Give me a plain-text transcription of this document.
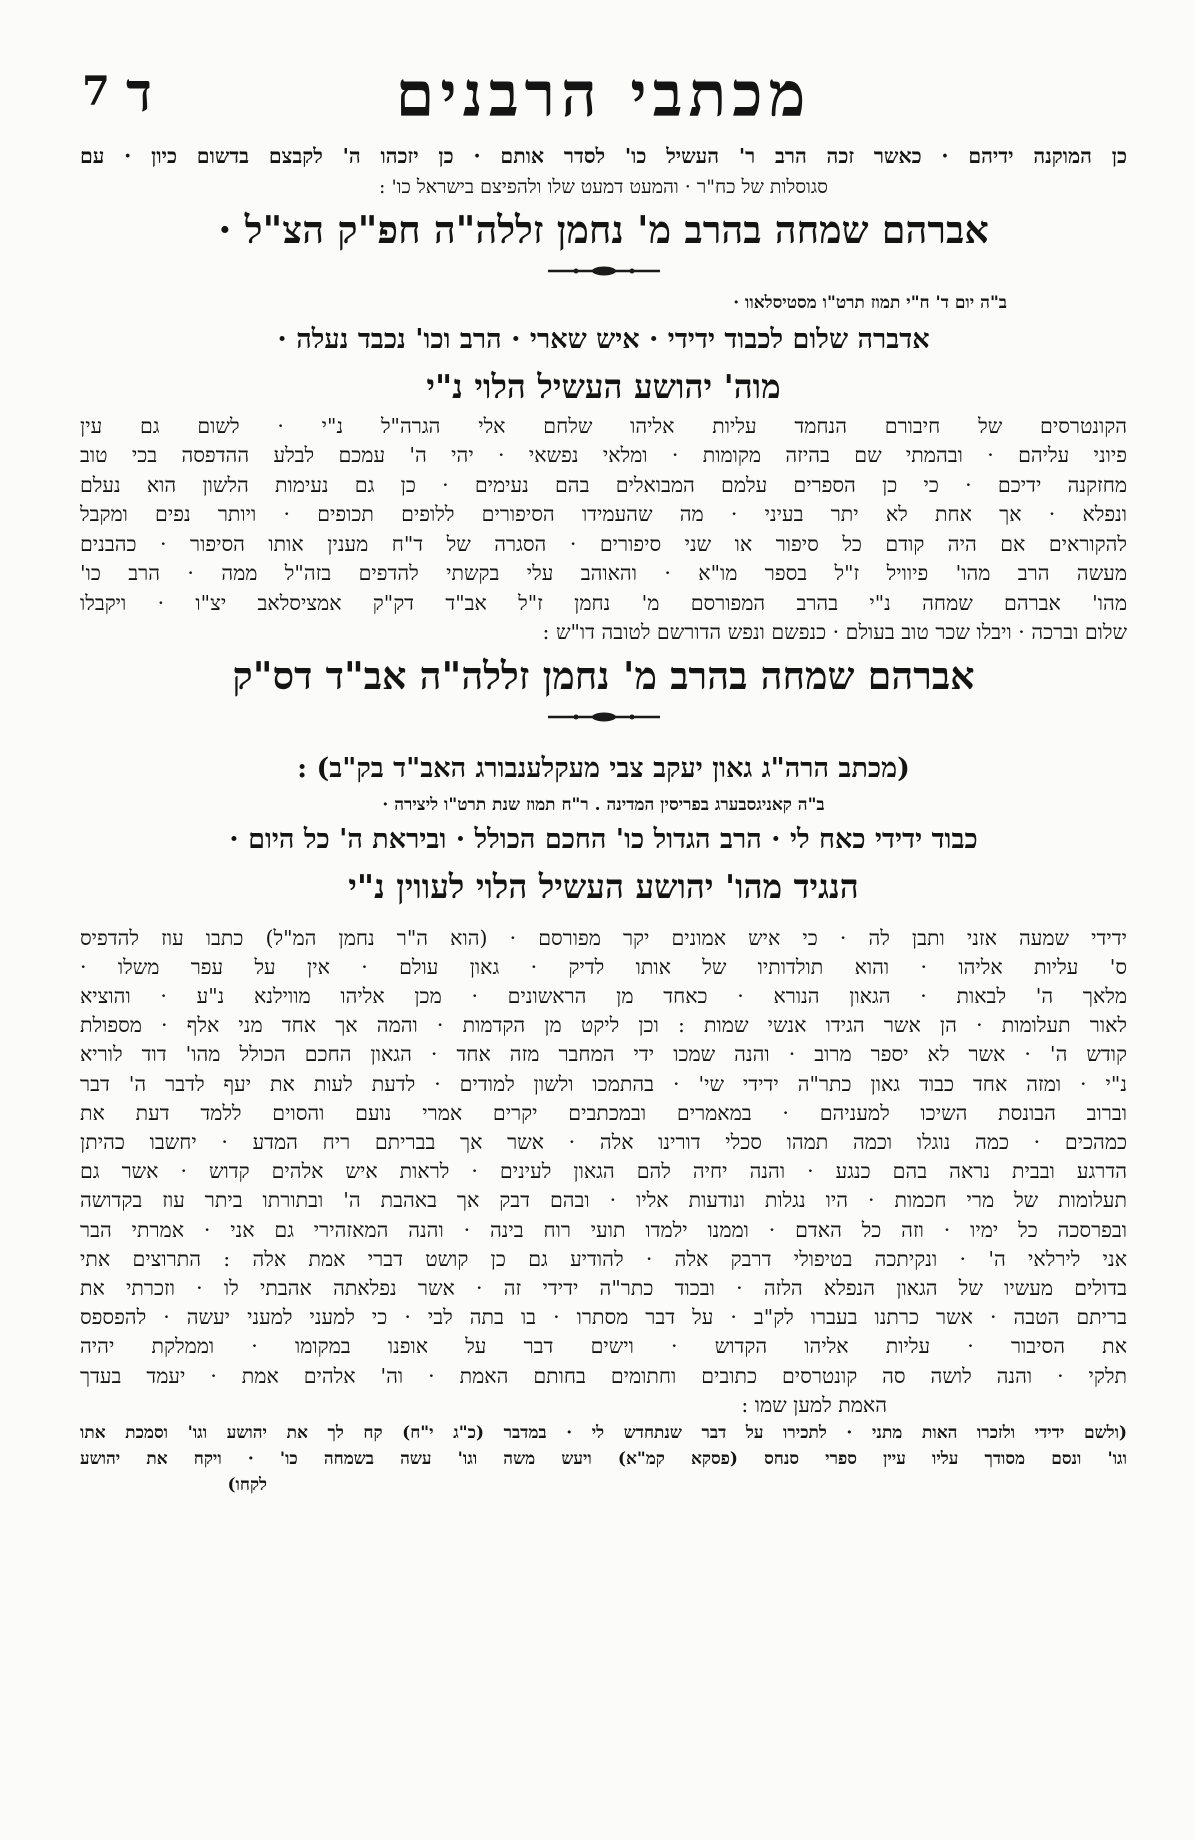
7 ד	מכתבי הרבנים
כן המוקנה ידיהם · כאשר זכה הרב ר' העשיל כו' לסדר אותם · כן יזכהו ה' לקבצם בדשום כיון · עם
סגוסלות של כח"ר · והמעט דמעט שלו ולהפיצם בישראל כו' :
אברהם שמחה בהרב מ' נחמן זללה"ה חפ"ק הצ"ל ·
ב"ה יום ד' ח"י תמוז תרט"ו מסטיסלאוו ·
אדברה שלום לכבוד ידידי · איש שארי · הרב וכו' נכבד נעלה ·
מוה' יהושע העשיל הלוי נ"י
הקונטרסים של חיבורם הנחמד עליות אליהו שלחם אלי הגרה"ל נ"י · לשום גם עין
פיוני עליהם · ובהמתי שם בהיזה מקומות · ומלאי נפשאי · יהי ה' עמכם לבלע ההדפסה בכי טוב
מחזקנה ידיכם · כי כן הספרים עלמם המבואלים בהם נעימים · כן גם נעימות הלשון הוא נעלם
ונפלא · אך אחת לא יתר בעיני · מה שהעמידו הסיפורים ללופים תכופים · ויותר נפים ומקבל
להקוראים אם היה קודם כל סיפור או שני סיפורים · הסגרה של ד"ח מענין אותו הסיפור · כהבנים
מעשה הרב מהו' פיוויל ז"ל בספר מו"א · והאוהב עלי בקשתי להדפים בזה"ל ממה · הרב כו'
מהו' אברהם שמחה נ"י בהרב המפורסם מ' נחמן ז"ל אב"ד דק"ק אמציסלאב יצ"ו · ויקבלו
שלום וברכה · ויבלו שכר טוב בעולם · כנפשם ונפש הדורשם לטובה דו"ש :
אברהם שמחה בהרב מ' נחמן זללה"ה אב"ד דס"ק
(מכתב הרה"ג גאון יעקב צבי מעקלענבורג האב"ד בק"ב) :
ב"ה קאניגסבערג בפריסין המדינה . ר"ח תמוז שנת תרט"ו ליצירה ·
כבוד ידידי כאח לי · הרב הגדול כו' החכם הכולל · וביראת ה' כל היום ·
הנגיד מהו' יהושע העשיל הלוי לעווין נ"י
ידידי שמעה אזני ותבן לה · כי איש אמונים יקר מפורסם · (הוא ה"ר נחמן המ"ל) כתבו עוז להדפיס
ס' עליות אליהו · והוא תולדותיו של אותו לדיק · גאון עולם · אין על עפר משלו ·
מלאך ה' לבאות · הגאון הנורא · כאחד מן הראשונים · מכן אליהו מווילנא נ"ע · והוציא
לאור תעלומות · הן אשר הגידו אנשי שמות : וכן ליקט מן הקדמות · והמה אך אחד מני אלף · מספולת
קודש ה' · אשר לא יספר מרוב · והנה שמכו ידי המחבר מזה אחד · הגאון החכם הכולל מהו' דוד לוריא
נ"י · ומזה אחד כבוד גאון כתר"ה ידידי שי' · בהתמכו ולשון למודים · לדעת לעות את יעף לדבר ה' דבר
וברוב הבונסת השיכו למעניהם · במאמרים ובמכתבים יקרים אמרי נועם והסוים ללמד דעת את
כמהכים · כמה נוגלו וכמה תמהו סכלי דורינו אלה · אשר אך בבריתם ריח המדע · יחשבו כהיתן
הדרגע ובבית נראה בהם כנגע · והנה יחיה להם הגאון לעינים · לראות איש אלהים קדוש · אשר גם
תעלומות של מרי חכמות · היו נגלות ונודעות אליו · ובהם דבק אך באהבת ה' ובתורתו ביתר עוז בקדושה
ובפרסכה כל ימיו · וזה כל האדם · וממנו ילמדו תועי רוח בינה · והנה המאזהירי גם אני · אמרתי הבר
אני לירלאי ה' · ונקיתכה בטיפולי דרבק אלה · להודיע גם כן קושט דברי אמת אלה : התרוצים אתי
בדולים מעשיו של הגאון הנפלא הלזה · ובכוד כתר"ה ידידי זה · אשר נפלאתה אהבתי לו · וזכרתי את
בריתם הטבה · אשר כרתנו בעברו לק"ב · על דבר מסתרו · בו בתה לבי · כי למעני למעני יעשה · להפספס
את הסיבור · עליות אליהו הקדוש · וישים דבר על אופנו במקומו · וממלקת יהיה
תלקי · והנה לושה סה קונטרסים כתובים וחתומים בחותם האמת · וה' אלהים אמת · יעמד בעדך
האמת למען שמו :
(ולשם ידידי ולזכרו האות מתני · לתכירו על דבר שנתחדש לי · במדבר (כ"ג י"ח) קח לך את יהושע וגו' וסמכת אתו
וגו' ונסם מסודך עליו עיין ספרי סנחס (פסקא קמ"א) ויעש משה וגו' עשה בשמחה כו' · ויקח את יהושע
לקחו)
